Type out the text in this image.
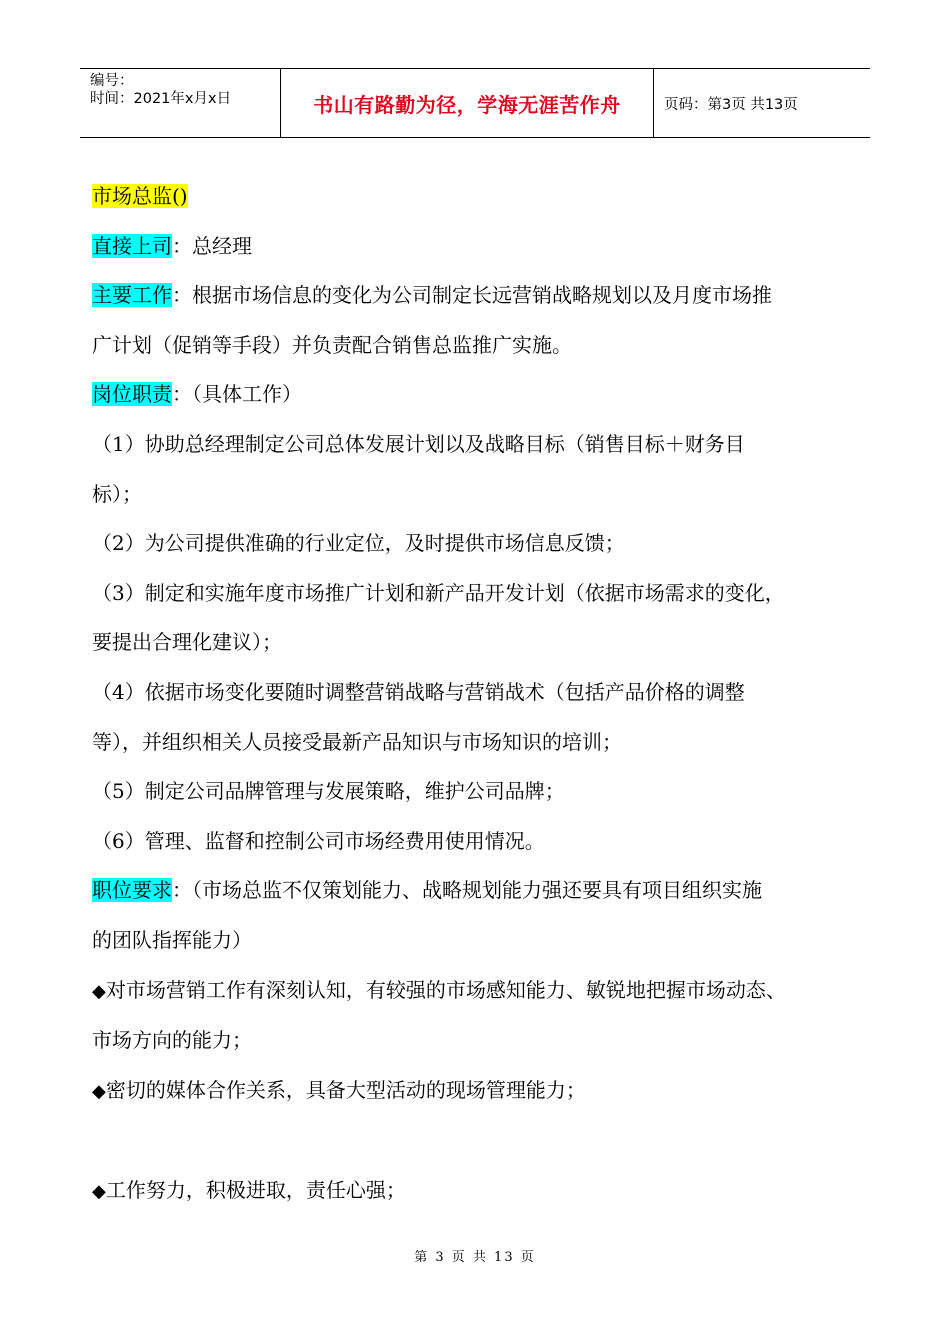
编号：
时间：2021年x月x日	书山有路勤为径，学海无涯苦作舟	页码：第3页 共13页

市场总监()

直接上司：总经理

主要工作：根据市场信息的变化为公司制定长远营销战略规划以及月度市场推

广计划（促销等手段）并负责配合销售总监推广实施。

岗位职责：（具体工作）

（1）协助总经理制定公司总体发展计划以及战略目标（销售目标＋财务目

标）；

（2）为公司提供准确的行业定位，及时提供市场信息反馈；

（3）制定和实施年度市场推广计划和新产品开发计划（依据市场需求的变化，

要提出合理化建议）；

（4）依据市场变化要随时调整营销战略与营销战术（包括产品价格的调整

等），并组织相关人员接受最新产品知识与市场知识的培训；

（5）制定公司品牌管理与发展策略，维护公司品牌；

（6）管理、监督和控制公司市场经费用使用情况。

职位要求：（市场总监不仅策划能力、战略规划能力强还要具有项目组织实施

的团队指挥能力）

◆对市场营销工作有深刻认知，有较强的市场感知能力、敏锐地把握市场动态、

市场方向的能力；

◆密切的媒体合作关系，具备大型活动的现场管理能力；

◆工作努力，积极进取，责任心强；

第 3 页 共 13 页
